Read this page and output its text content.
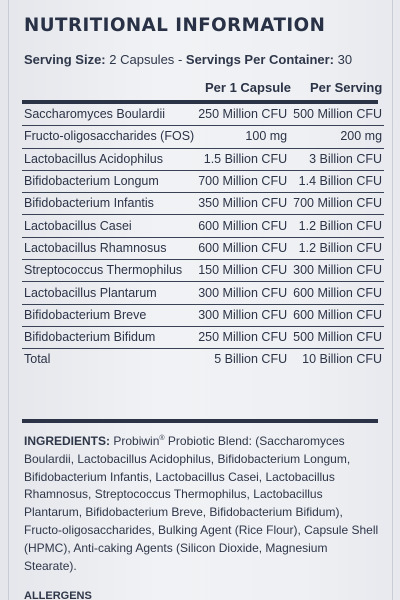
NUTRITIONAL INFORMATION
Serving Size: 2 Capsules - Servings Per Container: 30
Per 1 Capsule Per Serving
Saccharomyces Boulardii	250 Million CFU	500 Million CFU
Fructo-oligosaccharides (FOS)	100 mg	200 mg
Lactobacillus Acidophilus	1.5 Billion CFU	3 Billion CFU
Bifidobacterium Longum	700 Million CFU	1.4 Billion CFU
Bifidobacterium Infantis	350 Million CFU	700 Million CFU
Lactobacillus Casei	600 Million CFU	1.2 Billion CFU
Lactobacillus Rhamnosus	600 Million CFU	1.2 Billion CFU
Streptococcus Thermophilus	150 Million CFU	300 Million CFU
Lactobacillus Plantarum	300 Million CFU	600 Million CFU
Bifidobacterium Breve	300 Million CFU	600 Million CFU
Bifidobacterium Bifidum	250 Million CFU	500 Million CFU
Total	5 Billion CFU	10 Billion CFU
INGREDIENTS: Probiwin® Probiotic Blend: (Saccharomyces Boulardii, Lactobacillus Acidophilus, Bifidobacterium Longum, Bifidobacterium Infantis, Lactobacillus Casei, Lactobacillus Rhamnosus, Streptococcus Thermophilus, Lactobacillus Plantarum, Bifidobacterium Breve, Bifidobacterium Bifidum), Fructo-oligosaccharides, Bulking Agent (Rice Flour), Capsule Shell (HPMC), Anti-caking Agents (Silicon Dioxide, Magnesium Stearate).
ALLERGENS
